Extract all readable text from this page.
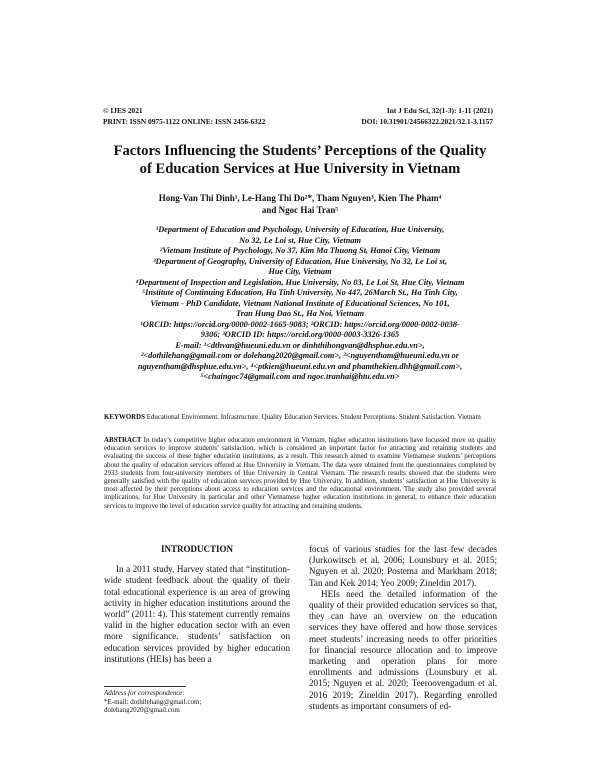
© IJES 2021
PRINT: ISSN 0975-1122 ONLINE: ISSN 2456-6322
Int J Edu Sci, 32(1-3): 1-11 (2021)
DOI: 10.31901/24566322.2021/32.1-3.1157
Factors Influencing the Students’ Perceptions of the Quality
of Education Services at Hue University in Vietnam
Hong-Van Thi Dinh¹, Le-Hang Thi Do²*, Tham Nguyen³, Kien The Pham⁴
and Ngoc Hai Tran⁵
¹Department of Education and Psychology, University of Education, Hue University,
No 32, Le Loi st, Hue City, Vietnam
²Vietnam Institute of Psychology, No 37, Kim Ma Thuong St, Hanoi City, Vietnam
³Department of Geography, University of Education, Hue University, No 32, Le Loi st,
Hue City, Vietnam
⁴Department of Inspection and Legislation, Hue University, No 03, Le Loi St, Hue City, Vietnam
⁵Institute of Continuing Education, Ha Tinh University, No 447, 26March St., Ha Tinh City,
Vietnam - PhD Candidate, Vietnam National Institute of Educational Sciences, No 101,
Tran Hung Dao St., Ha Noi, Vietnam
¹ORCID: https://orcid.org/0000-0002-1665-9083; ²ORCID: https://orcid.org/0000-0002-0038-
9306; ³ORCID ID: https://orcid.org/0000-0003-3326-1365
E-mail: ¹<dthvan@hueuni.edu.vn or dinhthihongvan@dhsphue.edu.vn>,
²<dothilehang@gmail.com or dolehang2020@gmail.com>, ³<nguyentham@hueuni.edu.vn or
nguyentham@dhsphue.edu.vn>, ⁴<ptkien@hueuni.edu.vn and phamthekien.dhh@gmail.com>,
⁵<chaingoc74@gmail.com and ngoc.tranhai@htu.edu.vn>
KEYWORDS Educational Environment. Infrastructure. Quality Education Services. Student Perceptions. Student Satisfaction. Vietnam
ABSTRACT In today’s competitive higher education environment in Vietnam, higher education institutions have focussed more on quality education services to improve students’ satisfaction, which is considered an important factor for attracting and retaining students and evaluating the success of these higher education institutions, as a result. This research aimed to examine Vietnamese students’ perceptions about the quality of education services offered at Hue University in Vietnam. The data were obtained from the questionnaires completed by 2933 students from four-university members of Hue University in Central Vietnam. The research results showed that the students were generally satisfied with the quality of education services provided by Hue University. In addition, students’ satisfaction at Hue University is most affected by their perceptions about access to education services and the educational environment. The study also provided several implications, for Hue University in particular and other Vietnamese higher education institutions in general, to enhance their education services to improve the level of education service quality for attracting and retaining students.
INTRODUCTION

In a 2011 study, Harvey stated that “institution-wide student feedback about the quality of their total educational experience is an area of growing activity in higher education institutions around the world” (2011: 4). This statement currently remains valid in the higher education sector with an even more significance. students’ satisfaction on education services provided by higher education institutions (HEIs) has been a

focus of various studies for the last few decades (Jurkowitsch et al. 2006; Lounsbury et al. 2015; Nguyen et al. 2020; Postema and Markham 2018; Tan and Kek 2014; Yeo 2009; Zineldin 2017).

HEIs need the detailed information of the quality of their provided education services so that, they can have an overview on the education services they have offered and how those services meet students’ increasing needs to offer priorities for financial resource allocation and to improve marketing and operation plans for more enrollments and admissions (Lounsbury et al. 2015; Nguyen et al. 2020; Teeroovengadum et al. 2016 2019; Zineldin 2017). Regarding enrolled students as important consumers of ed-

Address for correspondence:
*E-mail: dothilehang@gmail.com;
dolehang2020@gmail.com
